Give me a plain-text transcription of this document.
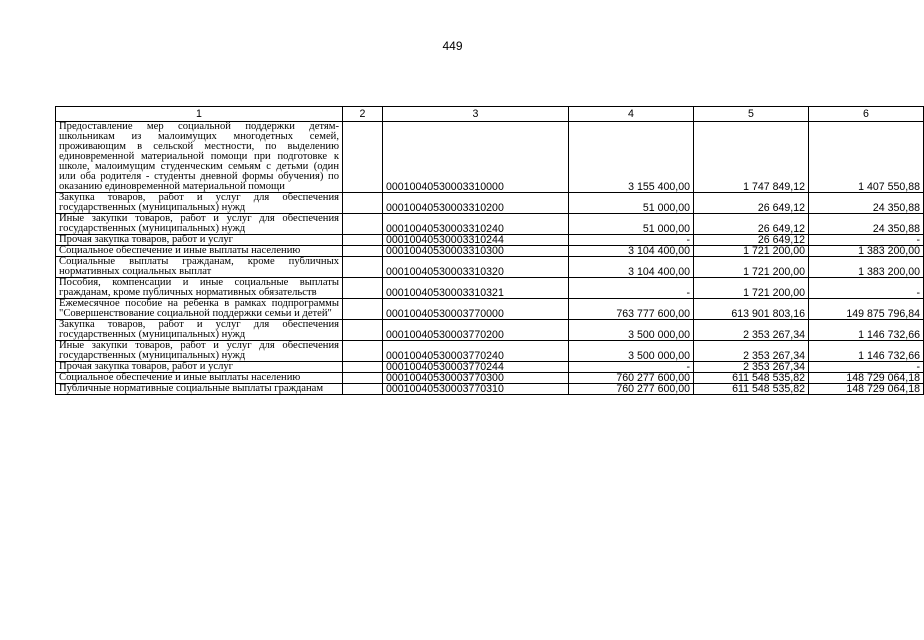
449
1	2	3	4	5	6
Предоставление мер социальной поддержки детям-школьникам из малоимущих многодетных семей, проживающим в сельской местности, по выделению единовременной материальной помощи при подготовке к школе, малоимущим студенческим семьям с детьми (один или оба родителя - студенты дневной формы обучения) по оказанию единовременной материальной помощи		00010040530003310000	3 155 400,00	1 747 849,12	1 407 550,88
Закупка товаров, работ и услуг для обеспечения государственных (муниципальных) нужд		00010040530003310200	51 000,00	26 649,12	24 350,88
Иные закупки товаров, работ и услуг для обеспечения государственных (муниципальных) нужд		00010040530003310240	51 000,00	26 649,12	24 350,88
Прочая закупка товаров, работ и услуг		00010040530003310244	-	26 649,12	-
Социальное обеспечение и иные выплаты населению		00010040530003310300	3 104 400,00	1 721 200,00	1 383 200,00
Социальные выплаты гражданам, кроме публичных нормативных социальных выплат		00010040530003310320	3 104 400,00	1 721 200,00	1 383 200,00
Пособия, компенсации и иные социальные выплаты гражданам, кроме публичных нормативных обязательств		00010040530003310321	-	1 721 200,00	-
Ежемесячное пособие на ребенка в рамках подпрограммы "Совершенствование социальной поддержки семьи и детей"		00010040530003770000	763 777 600,00	613 901 803,16	149 875 796,84
Закупка товаров, работ и услуг для обеспечения государственных (муниципальных) нужд		00010040530003770200	3 500 000,00	2 353 267,34	1 146 732,66
Иные закупки товаров, работ и услуг для обеспечения государственных (муниципальных) нужд		00010040530003770240	3 500 000,00	2 353 267,34	1 146 732,66
Прочая закупка товаров, работ и услуг		00010040530003770244	-	2 353 267,34	-
Социальное обеспечение и иные выплаты населению		00010040530003770300	760 277 600,00	611 548 535,82	148 729 064,18
Публичные нормативные социальные выплаты гражданам		00010040530003770310	760 277 600,00	611 548 535,82	148 729 064,18
